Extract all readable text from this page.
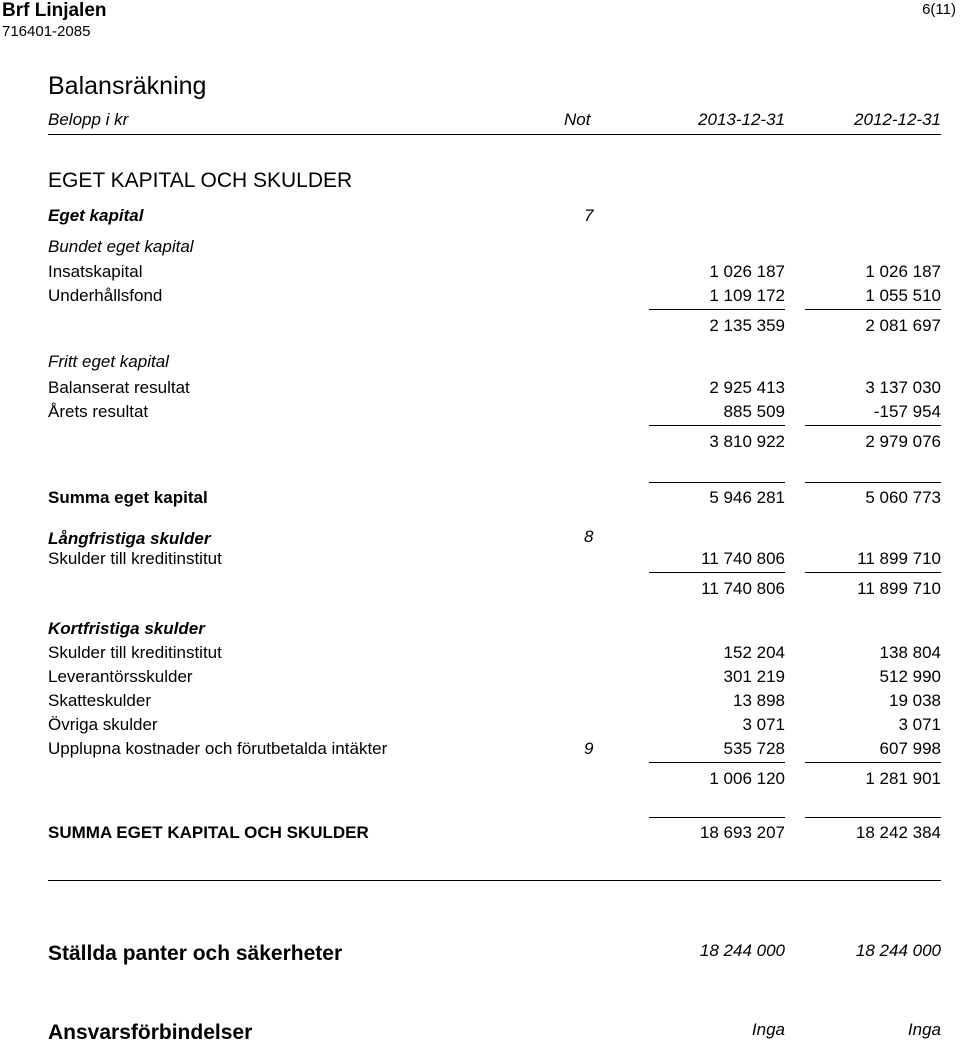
Brf Linjalen
716401-2085
6(11)
Balansräkning
Belopp i kr	Not	2013-12-31	2012-12-31
EGET KAPITAL OCH SKULDER
Eget kapital	7
Bundet eget kapital
Insatskapital	1 026 187	1 026 187
Underhållsfond	1 109 172	1 055 510
2 135 359	2 081 697
Fritt eget kapital
Balanserat resultat	2 925 413	3 137 030
Årets resultat	885 509	-157 954
3 810 922	2 979 076
Summa eget kapital	5 946 281	5 060 773
Långfristiga skulder	8
Skulder till kreditinstitut	11 740 806	11 899 710
11 740 806	11 899 710
Kortfristiga skulder
Skulder till kreditinstitut	152 204	138 804
Leverantörsskulder	301 219	512 990
Skatteskulder	13 898	19 038
Övriga skulder	3 071	3 071
Upplupna kostnader och förutbetalda intäkter	9	535 728	607 998
1 006 120	1 281 901
SUMMA EGET KAPITAL OCH SKULDER	18 693 207	18 242 384
Ställda panter och säkerheter	18 244 000	18 244 000
Ansvarsförbindelser	Inga	Inga
